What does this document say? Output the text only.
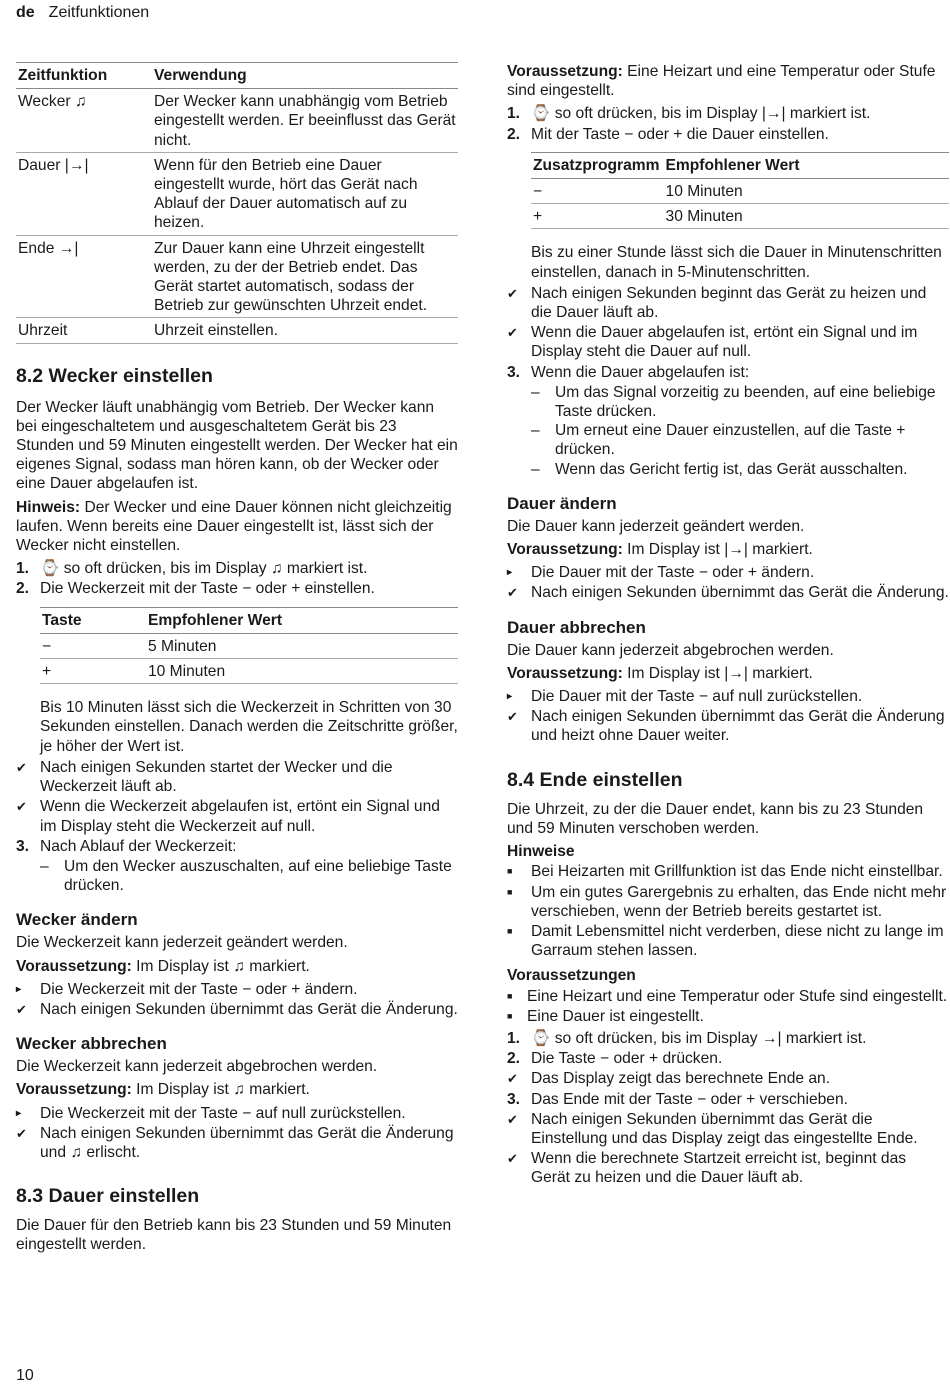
de Zeitfunktionen
Zeitfunktion	Verwendung
Wecker ♫	Der Wecker kann unabhängig vom Betrieb eingestellt werden. Er beeinflusst das Gerät nicht.
Dauer |→|	Wenn für den Betrieb eine Dauer eingestellt wurde, hört das Gerät nach Ablauf der Dauer automatisch auf zu heizen.
Ende →|	Zur Dauer kann eine Uhrzeit eingestellt werden, zu der der Betrieb endet. Das Gerät startet automatisch, sodass der Betrieb zur gewünschten Uhrzeit endet.
Uhrzeit	Uhrzeit einstellen.
8.2 Wecker einstellen

Der Wecker läuft unabhängig vom Betrieb. Der Wecker kann bei eingeschaltetem und ausgeschaltetem Gerät bis 23 Stunden und 59 Minuten eingestellt werden. Der Wecker hat ein eigenes Signal, sodass man hören kann, ob der Wecker oder eine Dauer abgelaufen ist.

Hinweis: Der Wecker und eine Dauer können nicht gleichzeitig laufen. Wenn bereits eine Dauer eingestellt ist, lässt sich der Wecker nicht einstellen.

1. ⌚ so oft drücken, bis im Display ♫ markiert ist.
2. Die Weckerzeit mit der Taste − oder + einstellen.
Taste	Empfohlener Wert
−	5 Minuten
+	10 Minuten

Bis 10 Minuten lässt sich die Weckerzeit in Schritten von 30 Sekunden einstellen. Danach werden die Zeitschritte größer, je höher der Wert ist.

✔ Nach einigen Sekunden startet der Wecker und die Weckerzeit läuft ab.
✔ Wenn die Weckerzeit abgelaufen ist, ertönt ein Signal und im Display steht die Weckerzeit auf null.
3. Nach Ablauf der Weckerzeit:
– Um den Wecker auszuschalten, auf eine beliebige Taste drücken.
Wecker ändern

Die Weckerzeit kann jederzeit geändert werden.

Voraussetzung: Im Display ist ♫ markiert.

▸	Die Weckerzeit mit der Taste − oder + ändern.
✔ Nach einigen Sekunden übernimmt das Gerät die Änderung.
Wecker abbrechen

Die Weckerzeit kann jederzeit abgebrochen werden.

Voraussetzung: Im Display ist ♫ markiert.

▸	Die Weckerzeit mit der Taste − auf null zurückstellen.
✔ Nach einigen Sekunden übernimmt das Gerät die Änderung und ♫ erlischt.
8.3 Dauer einstellen

Die Dauer für den Betrieb kann bis 23 Stunden und 59 Minuten eingestellt werden.

Voraussetzung: Eine Heizart und eine Temperatur oder Stufe sind eingestellt.

1. ⌚ so oft drücken, bis im Display |→| markiert ist.
2. Mit der Taste − oder + die Dauer einstellen.
Zusatzprogramm	Empfohlener Wert
−	10 Minuten
+	30 Minuten

Bis zu einer Stunde lässt sich die Dauer in Minutenschritten einstellen, danach in 5-Minutenschritten.

✔ Nach einigen Sekunden beginnt das Gerät zu heizen und die Dauer läuft ab.
✔ Wenn die Dauer abgelaufen ist, ertönt ein Signal und im Display steht die Dauer auf null.
3. Wenn die Dauer abgelaufen ist:
– Um das Signal vorzeitig zu beenden, auf eine beliebige Taste drücken.
– Um erneut eine Dauer einzustellen, auf die Taste + drücken.
– Wenn das Gericht fertig ist, das Gerät ausschalten.
Dauer ändern

Die Dauer kann jederzeit geändert werden.

Voraussetzung: Im Display ist |→| markiert.

▸	Die Dauer mit der Taste − oder + ändern.
✔ Nach einigen Sekunden übernimmt das Gerät die Änderung.
Dauer abbrechen

Die Dauer kann jederzeit abgebrochen werden.

Voraussetzung: Im Display ist |→| markiert.

▸	Die Dauer mit der Taste − auf null zurückstellen.
✔ Nach einigen Sekunden übernimmt das Gerät die Änderung und heizt ohne Dauer weiter.
8.4 Ende einstellen

Die Uhrzeit, zu der die Dauer endet, kann bis zu 23 Stunden und 59 Minuten verschoben werden.

Hinweise

■	Bei Heizarten mit Grillfunktion ist das Ende nicht einstellbar.
■	Um ein gutes Garergebnis zu erhalten, das Ende nicht mehr verschieben, wenn der Betrieb bereits gestartet ist.
■	Damit Lebensmittel nicht verderben, diese nicht zu lange im Garraum stehen lassen.

Voraussetzungen

■ Eine Heizart und eine Temperatur oder Stufe sind eingestellt.
■ Eine Dauer ist eingestellt.
1. ⌚ so oft drücken, bis im Display →| markiert ist.
2. Die Taste − oder + drücken.
✔ Das Display zeigt das berechnete Ende an.
3. Das Ende mit der Taste − oder + verschieben.
✔ Nach einigen Sekunden übernimmt das Gerät die Einstellung und das Display zeigt das eingestellte Ende.
✔ Wenn die berechnete Startzeit erreicht ist, beginnt das Gerät zu heizen und die Dauer läuft ab.
10
